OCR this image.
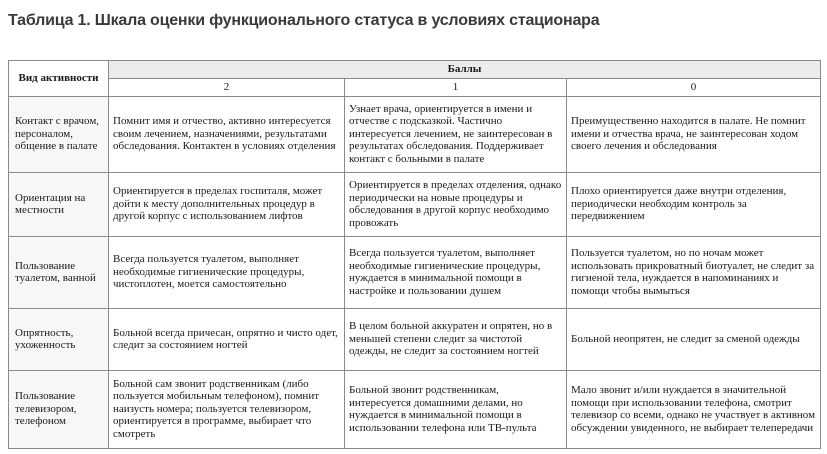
Таблица 1. Шкала оценки функционального статуса в условиях стационара
Вид активности	Баллы		
	2	1	0
Контакт с врачом, персоналом, общение в палате	Помнит имя и отчество, активно интересуется своим лечением, назначениями, результатами обследования. Контактен в условиях отделения	Узнает врача, ориентируется в имени и отчестве с подсказкой. Частично интересуется лечением, не заинтересован в результатах обследования. Поддерживает контакт с больными в палате	Преимущественно находится в палате. Не помнит имени и отчества врача, не заинтересован ходом своего лечения и обследования
Ориентация на местности	Ориентируется в пределах госпиталя, может дойти к месту дополнительных процедур в другой корпус с использованием лифтов	Ориентируется в пределах отделения, однако периодически на новые процедуры и обследования в другой корпус необходимо провожать	Плохо ориентируется даже внутри отделения, периодически необходим контроль за передвижением
Пользование туалетом, ванной	Всегда пользуется туалетом, выполняет необходимые гигиенические процедуры, чистоплотен, моется самостоятельно	Всегда пользуется туалетом, выполняет необходимые гигиенические процедуры, нуждается в минимальной помощи в настройке и пользовании душем	Пользуется туалетом, но по ночам может использовать прикроватный биотуалет, не следит за гигиеной тела, нуждается в напоминаниях и помощи чтобы вымыться
Опрятность, ухоженность	Больной всегда причесан, опрятно и чисто одет, следит за состоянием ногтей	В целом больной аккуратен и опрятен, но в меньшей степени следит за чистотой одежды, не следит за состоянием ногтей	Больной неопрятен, не следит за сменой одежды
Пользование телевизором, телефоном	Больной сам звонит родственникам (либо пользуется мобильным телефоном), помнит наизусть номера; пользуется телевизором, ориентируется в программе, выбирает что смотреть	Больной звонит родственникам, интересуется домашними делами, но нуждается в минимальной помощи в использовании телефона или ТВ-пульта	Мало звонит и/или нуждается в значительной помощи при использовании телефона, смотрит телевизор со всеми, однако не участвует в активном обсуждении увиденного, не выбирает телепередачи
